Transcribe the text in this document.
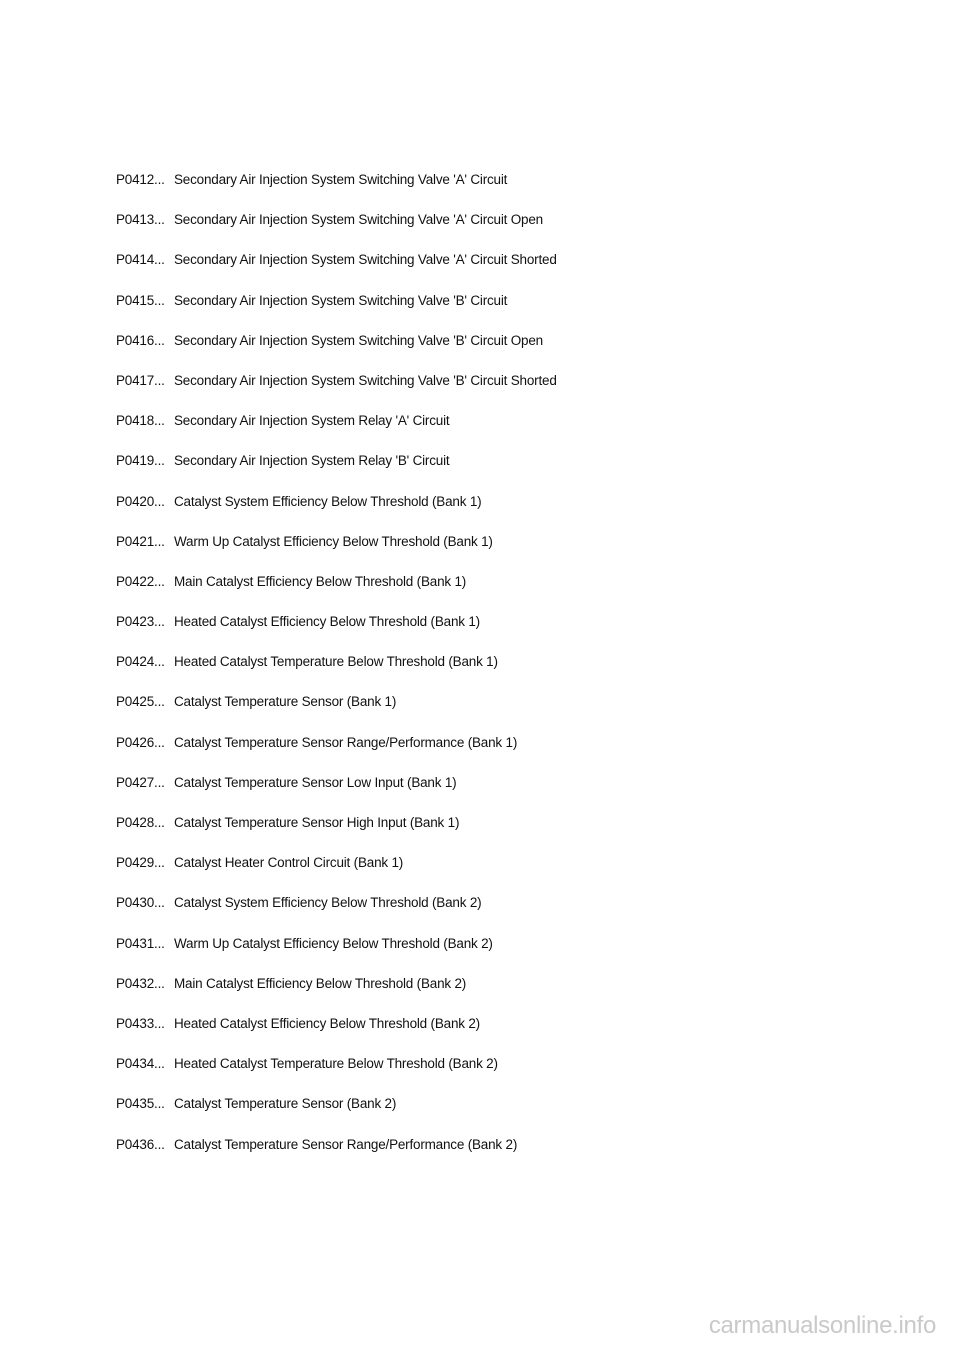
P0412... Secondary Air Injection System Switching Valve 'A' Circuit
P0413... Secondary Air Injection System Switching Valve 'A' Circuit Open
P0414... Secondary Air Injection System Switching Valve 'A' Circuit Shorted
P0415... Secondary Air Injection System Switching Valve 'B' Circuit
P0416... Secondary Air Injection System Switching Valve 'B' Circuit Open
P0417... Secondary Air Injection System Switching Valve 'B' Circuit Shorted
P0418... Secondary Air Injection System Relay 'A' Circuit
P0419... Secondary Air Injection System Relay 'B' Circuit
P0420... Catalyst System Efficiency Below Threshold (Bank 1)
P0421... Warm Up Catalyst Efficiency Below Threshold (Bank 1)
P0422... Main Catalyst Efficiency Below Threshold (Bank 1)
P0423... Heated Catalyst Efficiency Below Threshold (Bank 1)
P0424... Heated Catalyst Temperature Below Threshold (Bank 1)
P0425... Catalyst Temperature Sensor (Bank 1)
P0426... Catalyst Temperature Sensor Range/Performance (Bank 1)
P0427... Catalyst Temperature Sensor Low Input (Bank 1)
P0428... Catalyst Temperature Sensor High Input (Bank 1)
P0429... Catalyst Heater Control Circuit (Bank 1)
P0430... Catalyst System Efficiency Below Threshold (Bank 2)
P0431... Warm Up Catalyst Efficiency Below Threshold (Bank 2)
P0432... Main Catalyst Efficiency Below Threshold (Bank 2)
P0433... Heated Catalyst Efficiency Below Threshold (Bank 2)
P0434... Heated Catalyst Temperature Below Threshold (Bank 2)
P0435... Catalyst Temperature Sensor (Bank 2)
P0436... Catalyst Temperature Sensor Range/Performance (Bank 2)
carmanualsonline.info
